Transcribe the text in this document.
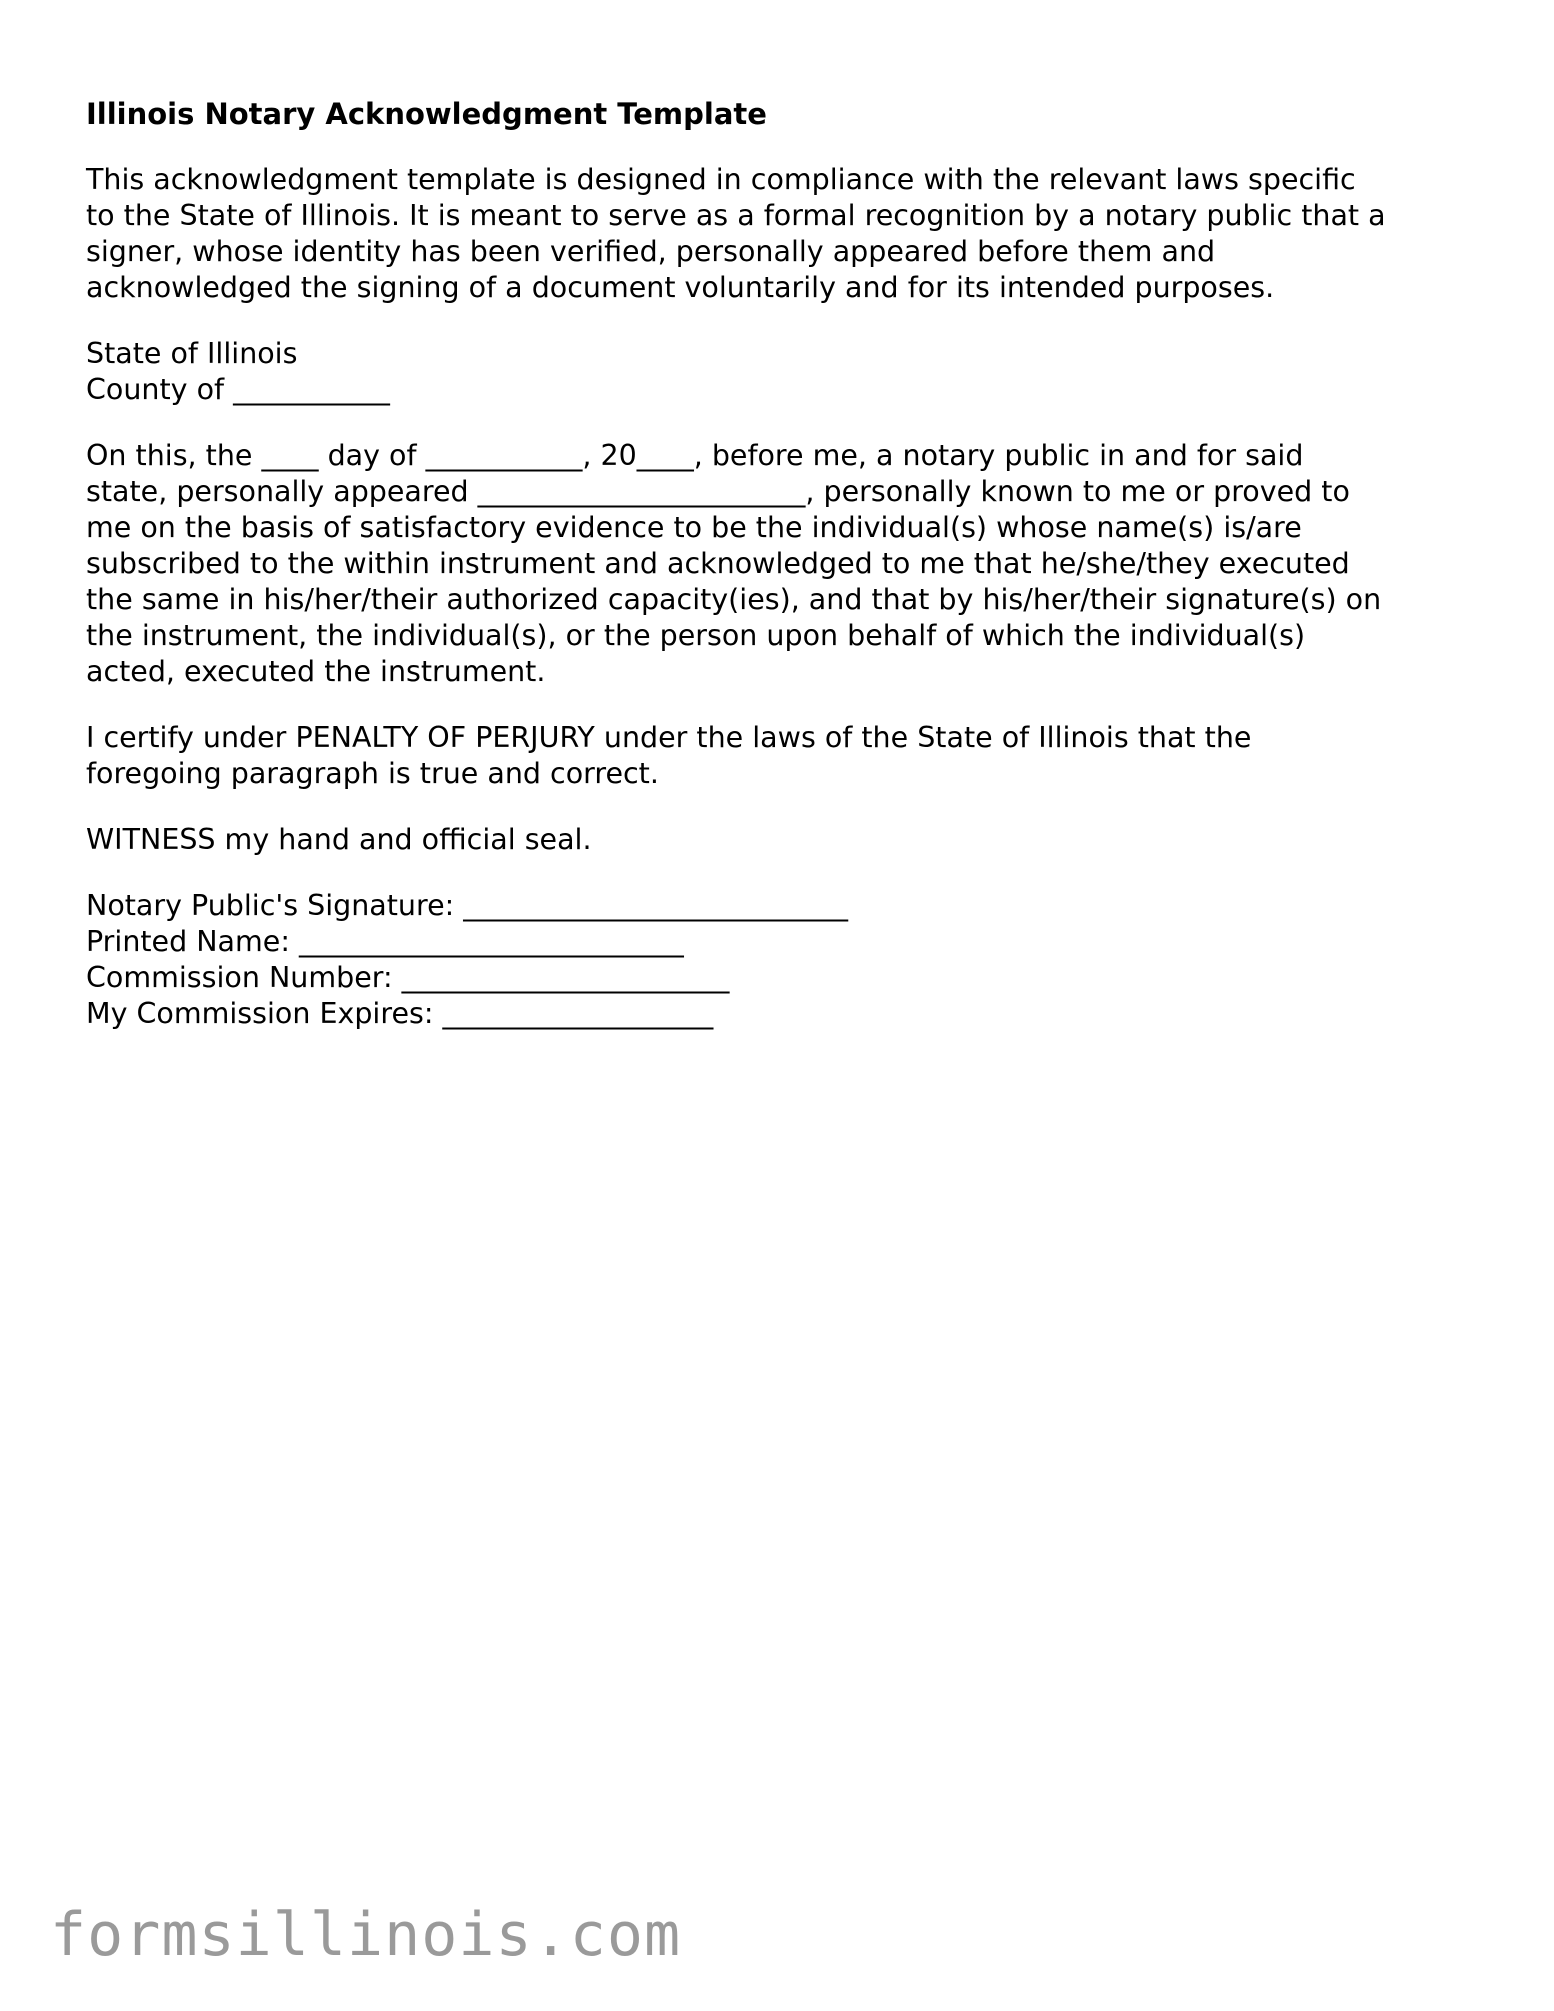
Illinois Notary Acknowledgment Template
This acknowledgment template is designed in compliance with the relevant laws specific
to the State of Illinois. It is meant to serve as a formal recognition by a notary public that a
signer, whose identity has been verified, personally appeared before them and
acknowledged the signing of a document voluntarily and for its intended purposes.
State of Illinois
County of ___________
On this, the ____ day of ___________, 20____, before me, a notary public in and for said
state, personally appeared _______________________, personally known to me or proved to
me on the basis of satisfactory evidence to be the individual(s) whose name(s) is/are
subscribed to the within instrument and acknowledged to me that he/she/they executed
the same in his/her/their authorized capacity(ies), and that by his/her/their signature(s) on
the instrument, the individual(s), or the person upon behalf of which the individual(s)
acted, executed the instrument.
I certify under PENALTY OF PERJURY under the laws of the State of Illinois that the
foregoing paragraph is true and correct.
WITNESS my hand and official seal.
Notary Public's Signature: ___________________________
Printed Name: ___________________________
Commission Number: _______________________
My Commission Expires: ___________________
formsillinois.com
